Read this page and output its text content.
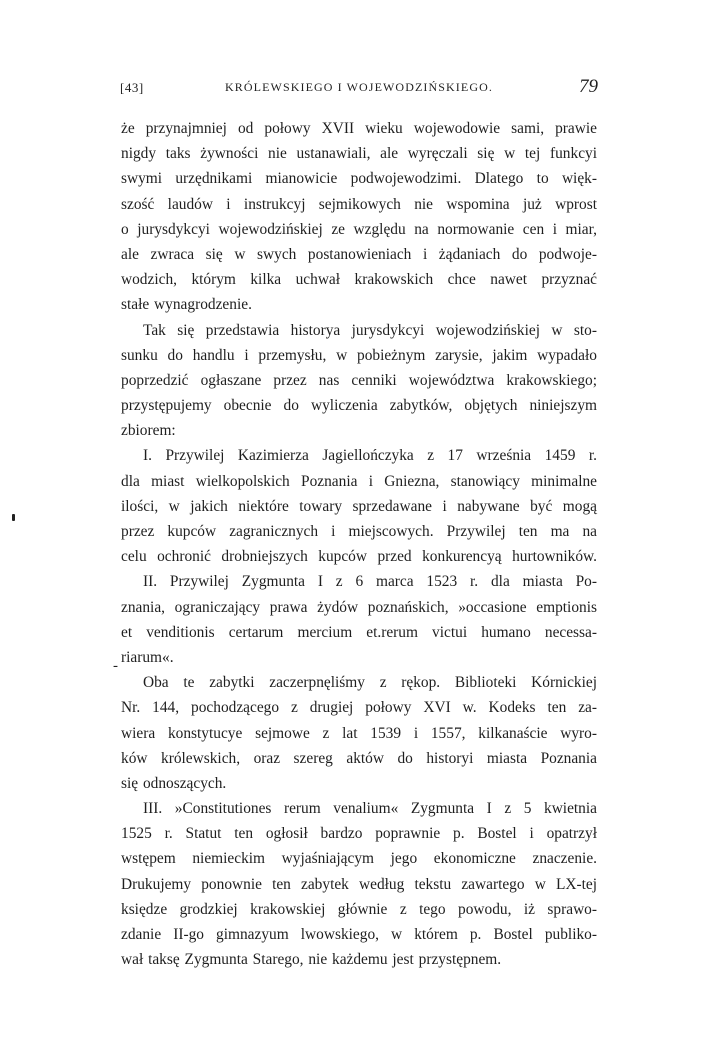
[43]	KRÓLEWSKIEGO I WOJEWODZIŃSKIEGO.	79
-
że przynajmniej od połowy XVII wieku wojewodowie sami, prawie
nigdy taks żywności nie ustanawiali, ale wyręczali się w tej funkcyi
swymi urzędnikami mianowicie podwojewodzimi. Dlatego to więk-
szość laudów i instrukcyj sejmikowych nie wspomina już wprost
o jurysdykcyi wojewodzińskiej ze względu na normowanie cen i miar,
ale zwraca się w swych postanowieniach i żądaniach do podwoje-
wodzich, którym kilka uchwał krakowskich chce nawet przyznać
stałe wynagrodzenie.
Tak się przedstawia historya jurysdykcyi wojewodzińskiej w sto-
sunku do handlu i przemysłu, w pobieżnym zarysie, jakim wypadało
poprzedzić ogłaszane przez nas cenniki województwa krakowskiego;
przystępujemy obecnie do wyliczenia zabytków, objętych niniejszym
zbiorem:
I. Przywilej Kazimierza Jagiellończyka z 17 września 1459 r.
dla miast wielkopolskich Poznania i Gniezna, stanowiący minimalne
ilości, w jakich niektóre towary sprzedawane i nabywane być mogą
przez kupców zagranicznych i miejscowych. Przywilej ten ma na
celu ochronić drobniejszych kupców przed konkurencyą hurtowników.
II. Przywilej Zygmunta I z 6 marca 1523 r. dla miasta Po-
znania, ograniczający prawa żydów poznańskich, »occasione emptionis
et venditionis certarum mercium et.rerum victui humano necessa-
riarum«.
Oba te zabytki zaczerpnęliśmy z rękop. Biblioteki Kórnickiej
Nr. 144, pochodzącego z drugiej połowy XVI w. Kodeks ten za-
wiera konstytucye sejmowe z lat 1539 i 1557, kilkanaście wyro-
ków królewskich, oraz szereg aktów do historyi miasta Poznania
się odnoszących.
III. »Constitutiones rerum venalium« Zygmunta I z 5 kwietnia
1525 r. Statut ten ogłosił bardzo poprawnie p. Bostel i opatrzył
wstępem niemieckim wyjaśniającym jego ekonomiczne znaczenie.
Drukujemy ponownie ten zabytek według tekstu zawartego w LX-tej
księdze grodzkiej krakowskiej głównie z tego powodu, iż sprawo-
zdanie II-go gimnazyum lwowskiego, w którem p. Bostel publiko-
wał taksę Zygmunta Starego, nie każdemu jest przystępnem.
